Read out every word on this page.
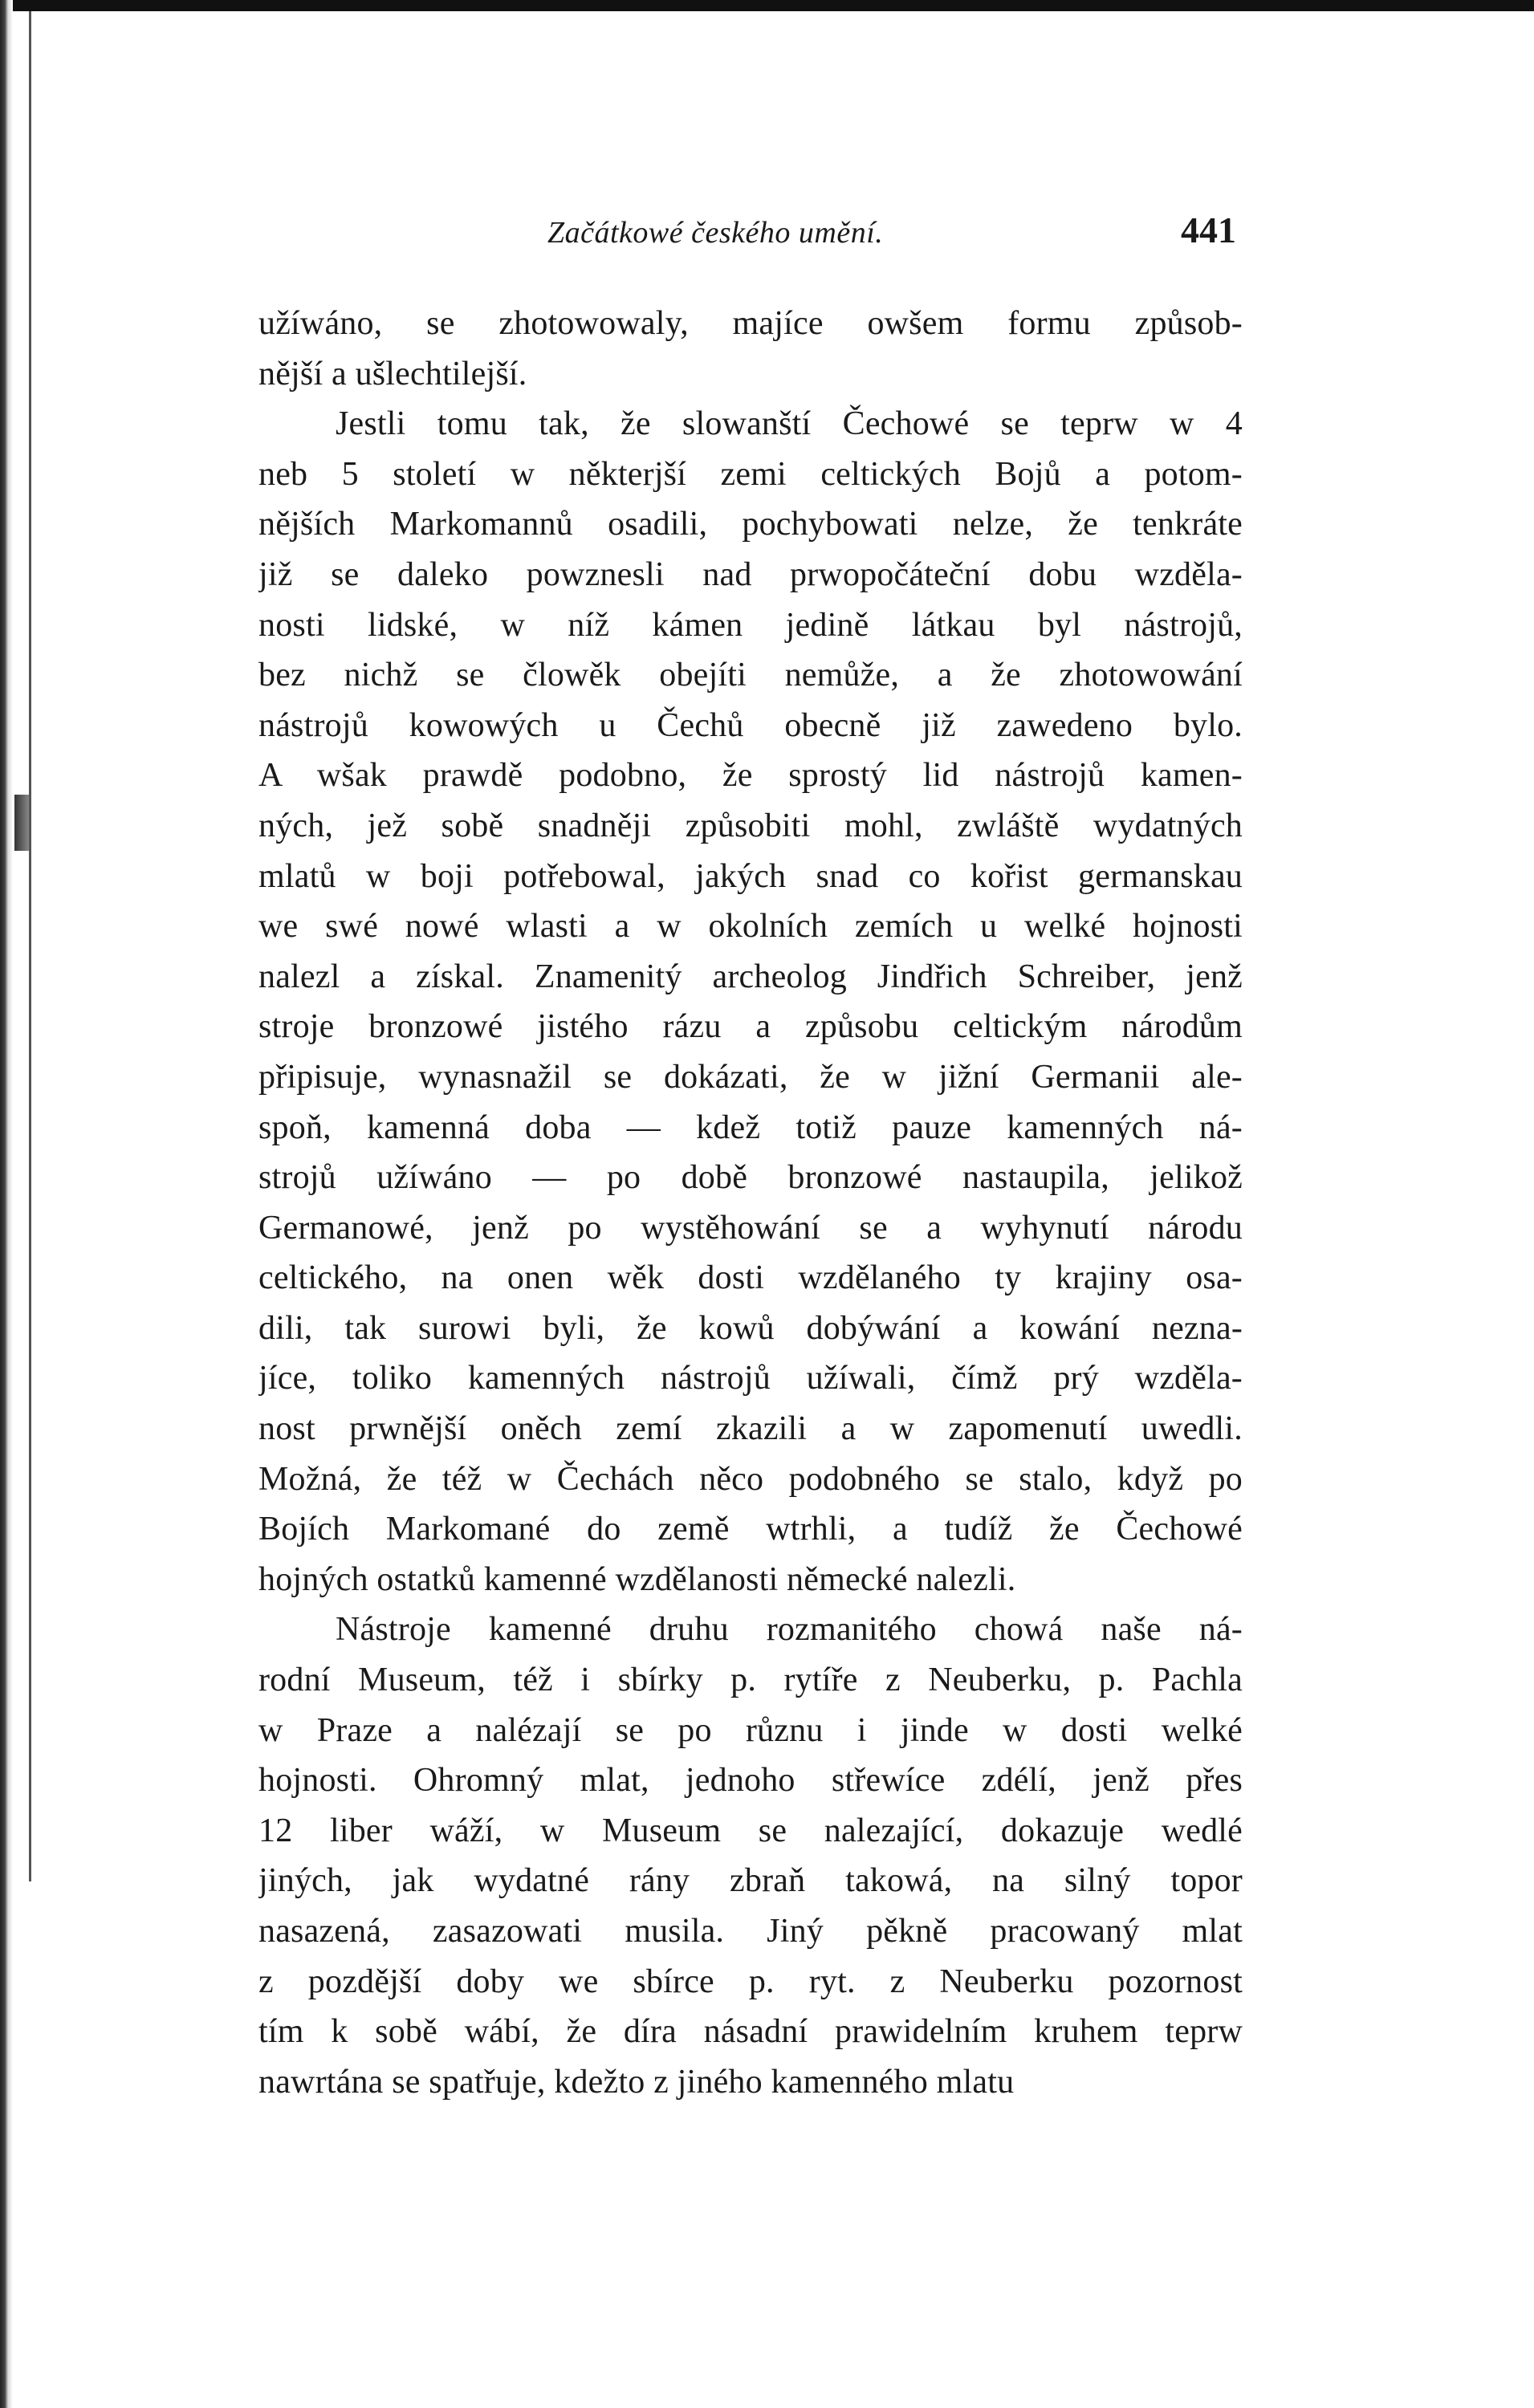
Začátkowé českého umění.	441

užíwáno, se zhotowowaly, majíce owšem formu způsob-
nější a ušlechtilejší.

Jestli tomu tak, že slowanští Čechowé se teprw w 4
neb 5 století w některjší zemi celtických Bojů a potom-
nějších Markomannů osadili, pochybowati nelze, že tenkráte
již se daleko powznesli nad prwopočáteční dobu wzděla-
nosti lidské, w níž kámen jedině látkau byl nástrojů,
bez nichž se člowěk obejíti nemůže, a že zhotowowání
nástrojů kowowých u Čechů obecně již zawedeno bylo.
A wšak prawdě podobno, že sprostý lid nástrojů kamen-
ných, jež sobě snadněji způsobiti mohl, zwláště wydatných
mlatů w boji potřebowal, jakých snad co kořist germanskau
we swé nowé wlasti a w okolních zemích u welké hojnosti
nalezl a získal. Znamenitý archeolog Jindřich Schreiber, jenž
stroje bronzowé jistého rázu a způsobu celtickým národům
připisuje, wynasnažil se dokázati, že w jižní Germanii ale-
spoň, kamenná doba — kdež totiž pauze kamenných ná-
strojů užíwáno — po době bronzowé nastaupila, jelikož
Germanowé, jenž po wystěhowání se a wyhynutí národu
celtického, na onen wěk dosti wzdělaného ty krajiny osa-
dili, tak surowi byli, že kowů dobýwání a kowání nezna-
jíce, toliko kamenných nástrojů užíwali, čímž prý wzděla-
nost prwnější oněch zemí zkazili a w zapomenutí uwedli.
Možná, že též w Čechách něco podobného se stalo, když po
Bojích Markomané do země wtrhli, a tudíž že Čechowé
hojných ostatků kamenné wzdělanosti německé nalezli.

Nástroje kamenné druhu rozmanitého chowá naše ná-
rodní Museum, též i sbírky p. rytíře z Neuberku, p. Pachla
w Praze a nalézají se po různu i jinde w dosti welké
hojnosti. Ohromný mlat, jednoho střewíce zdélí, jenž přes
12 liber wáží, w Museum se nalezající, dokazuje wedlé
jiných, jak wydatné rány zbraň takowá, na silný topor
nasazená, zasazowati musila. Jiný pěkně pracowaný mlat
z pozdější doby we sbírce p. ryt. z Neuberku pozornost
tím k sobě wábí, že díra násadní prawidelním kruhem teprw
nawrtána se spatřuje, kdežto z jiného kamenného mlatu
